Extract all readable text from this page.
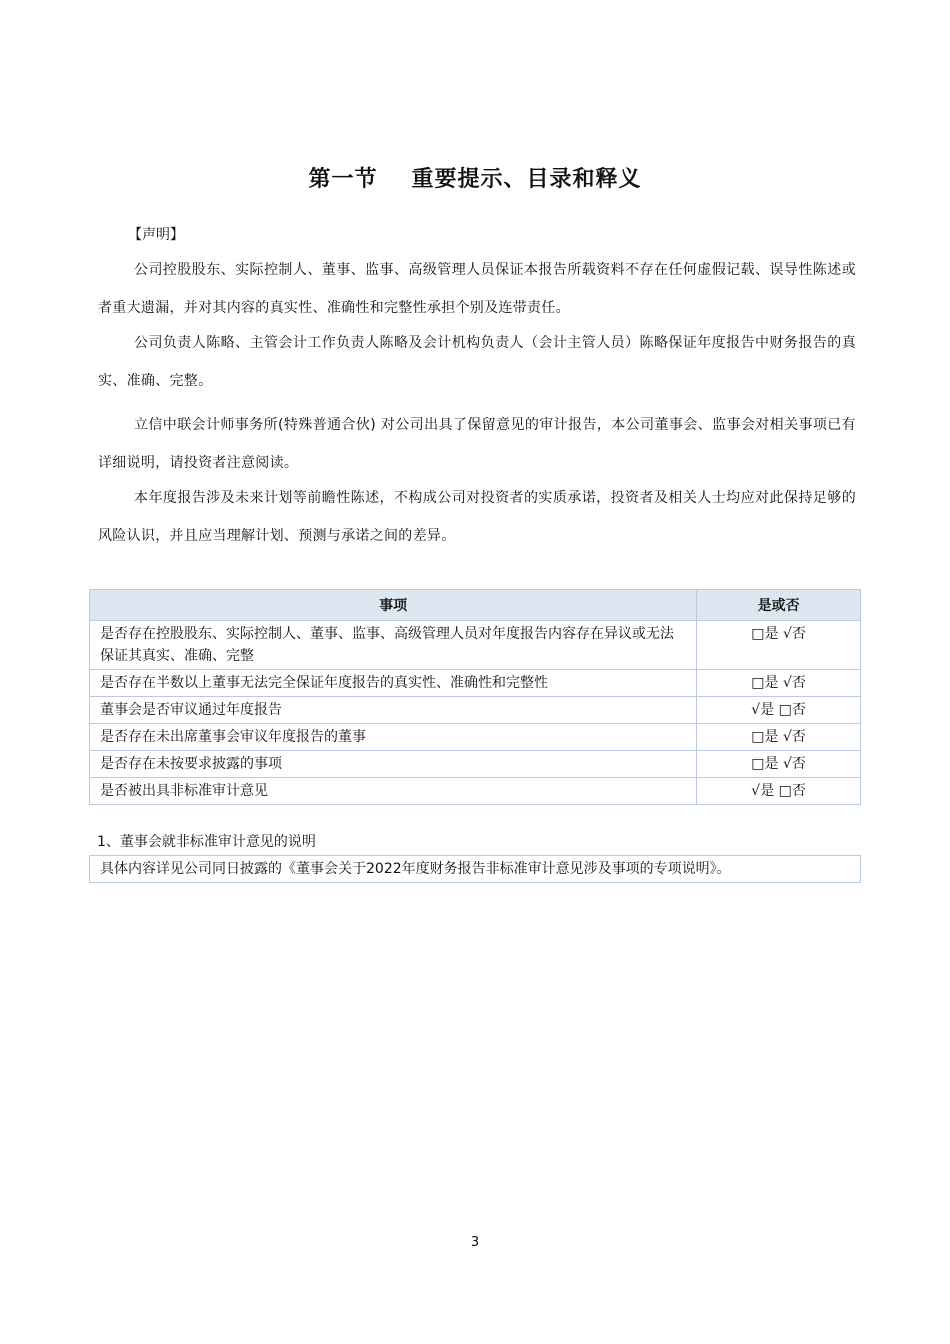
第一节 重要提示、目录和释义

【声明】

公司控股股东、实际控制人、董事、监事、高级管理人员保证本报告所载资料不存在任何虚假记载、误导性陈述或者重大遗漏，并对其内容的真实性、准确性和完整性承担个别及连带责任。

公司负责人陈略、主管会计工作负责人陈略及会计机构负责人（会计主管人员）陈略保证年度报告中财务报告的真实、准确、完整。

立信中联会计师事务所(特殊普通合伙) 对公司出具了保留意见的审计报告，本公司董事会、监事会对相关事项已有详细说明，请投资者注意阅读。

本年度报告涉及未来计划等前瞻性陈述，不构成公司对投资者的实质承诺，投资者及相关人士均应对此保持足够的风险认识，并且应当理解计划、预测与承诺之间的差异。

事项	是或否
是否存在控股股东、实际控制人、董事、监事、高级管理人员对年度报告内容存在异议或无法保证其真实、准确、完整	□是 √否
是否存在半数以上董事无法完全保证年度报告的真实性、准确性和完整性	□是 √否
董事会是否审议通过年度报告	√是 □否
是否存在未出席董事会审议年度报告的董事	□是 √否
是否存在未按要求披露的事项	□是 √否
是否被出具非标准审计意见	√是 □否

1、董事会就非标准审计意见的说明

具体内容详见公司同日披露的《董事会关于2022年度财务报告非标准审计意见涉及事项的专项说明》。

3
